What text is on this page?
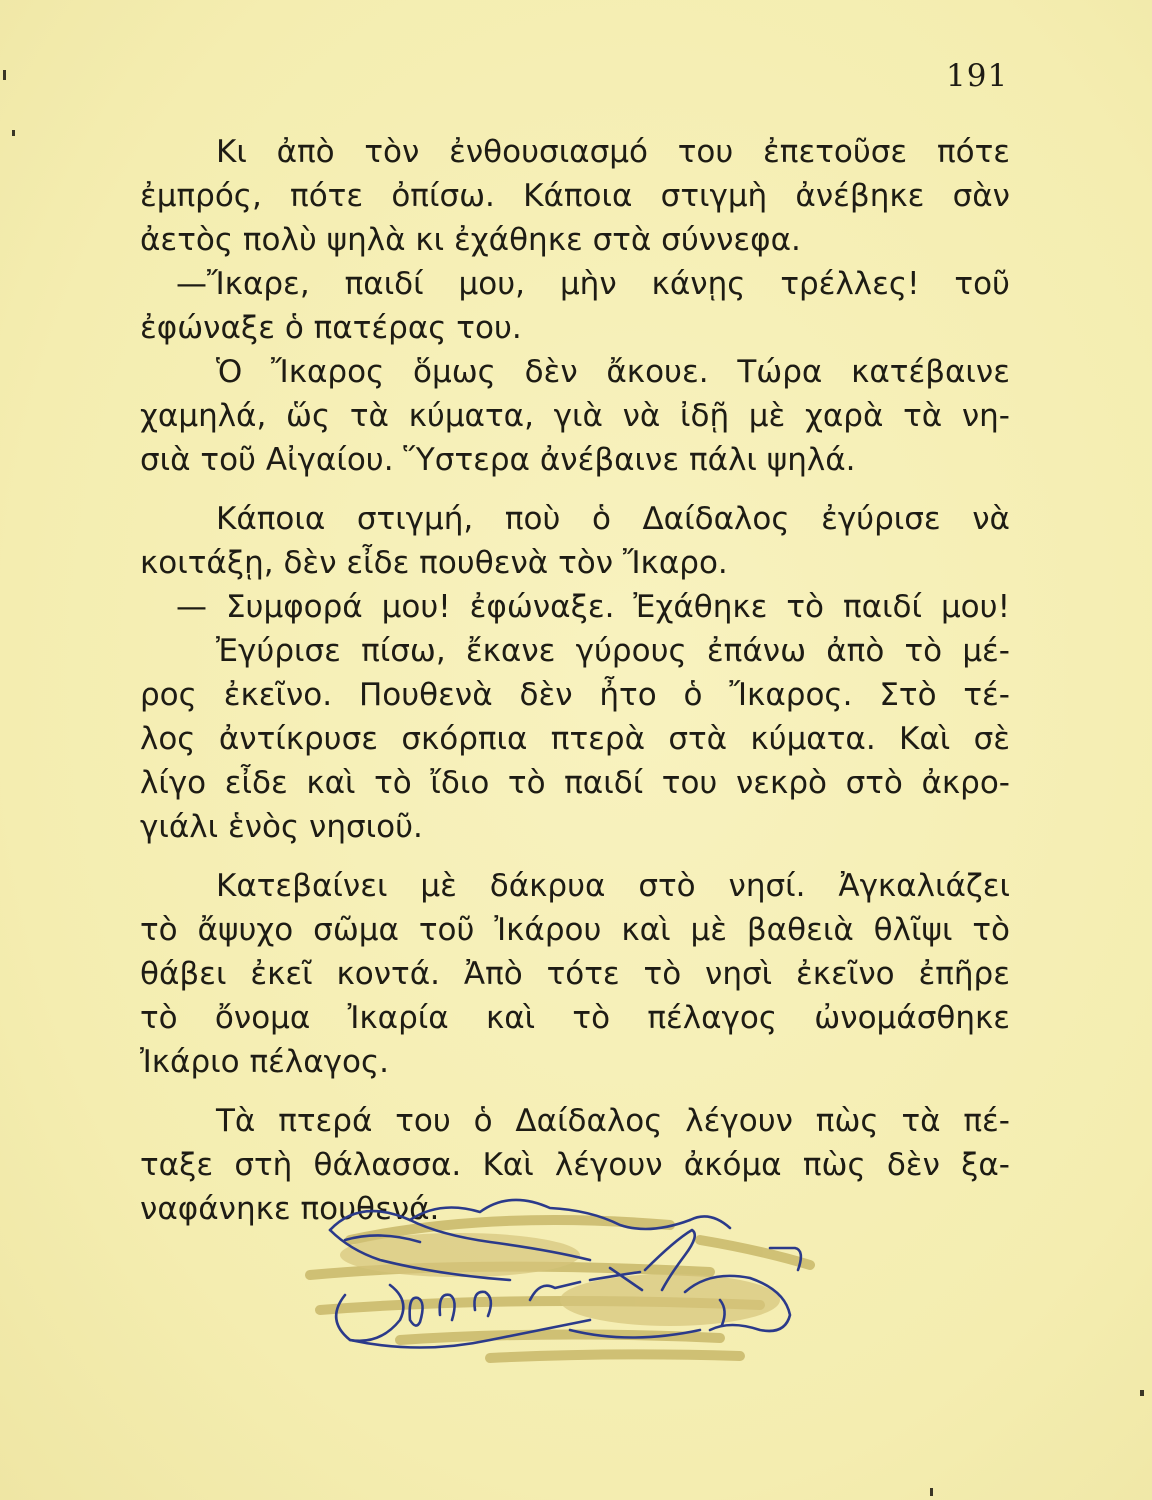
191
Κι ἀπὸ τὸν ἐνθουσιασμό του ἐπετοῦσε πότε
ἐμπρός, πότε ὀπίσω. Κάποια στιγμὴ ἀνέβηκε σὰν
ἀετὸς πολὺ ψηλὰ κι ἐχάθηκε στὰ σύννεφα.
—Ἴκαρε, παιδί μου, μὴν κάνῃς τρέλλες! τοῦ
ἐφώναξε ὁ πατέρας του.
Ὁ Ἴκαρος ὅμως δὲν ἄκουε. Τώρα κατέβαινε
χαμηλά, ὥς τὰ κύματα, γιὰ νὰ ἰδῇ μὲ χαρὰ τὰ νη-
σιὰ τοῦ Αἰγαίου. Ὕστερα ἀνέβαινε πάλι ψηλά.
Κάποια στιγμή, ποὺ ὁ Δαίδαλος ἐγύρισε νὰ
κοιτάξῃ, δὲν εἶδε πουθενὰ τὸν Ἴκαρο.
— Συμφορά μου! ἐφώναξε. Ἐχάθηκε τὸ παιδί μου!
Ἐγύρισε πίσω, ἔκανε γύρους ἐπάνω ἀπὸ τὸ μέ-
ρος ἐκεῖνο. Πουθενὰ δὲν ἦτο ὁ Ἴκαρος. Στὸ τέ-
λος ἀντίκρυσε σκόρπια πτερὰ στὰ κύματα. Καὶ σὲ
λίγο εἶδε καὶ τὸ ἴδιο τὸ παιδί του νεκρὸ στὸ ἀκρο-
γιάλι ἑνὸς νησιοῦ.
Κατεβαίνει μὲ δάκρυα στὸ νησί. Ἀγκαλιάζει
τὸ ἄψυχο σῶμα τοῦ Ἰκάρου καὶ μὲ βαθειὰ θλῖψι τὸ
θάβει ἐκεῖ κοντά. Ἀπὸ τότε τὸ νησὶ ἐκεῖνο ἐπῆρε
τὸ ὄνομα Ἰκαρία καὶ τὸ πέλαγος ὠνομάσθηκε
Ἰκάριο πέλαγος.
Τὰ πτερά του ὁ Δαίδαλος λέγουν πὼς τὰ πέ-
ταξε στὴ θάλασσα. Καὶ λέγουν ἀκόμα πὼς δὲν ξα-
ναφάνηκε πουθενά.
